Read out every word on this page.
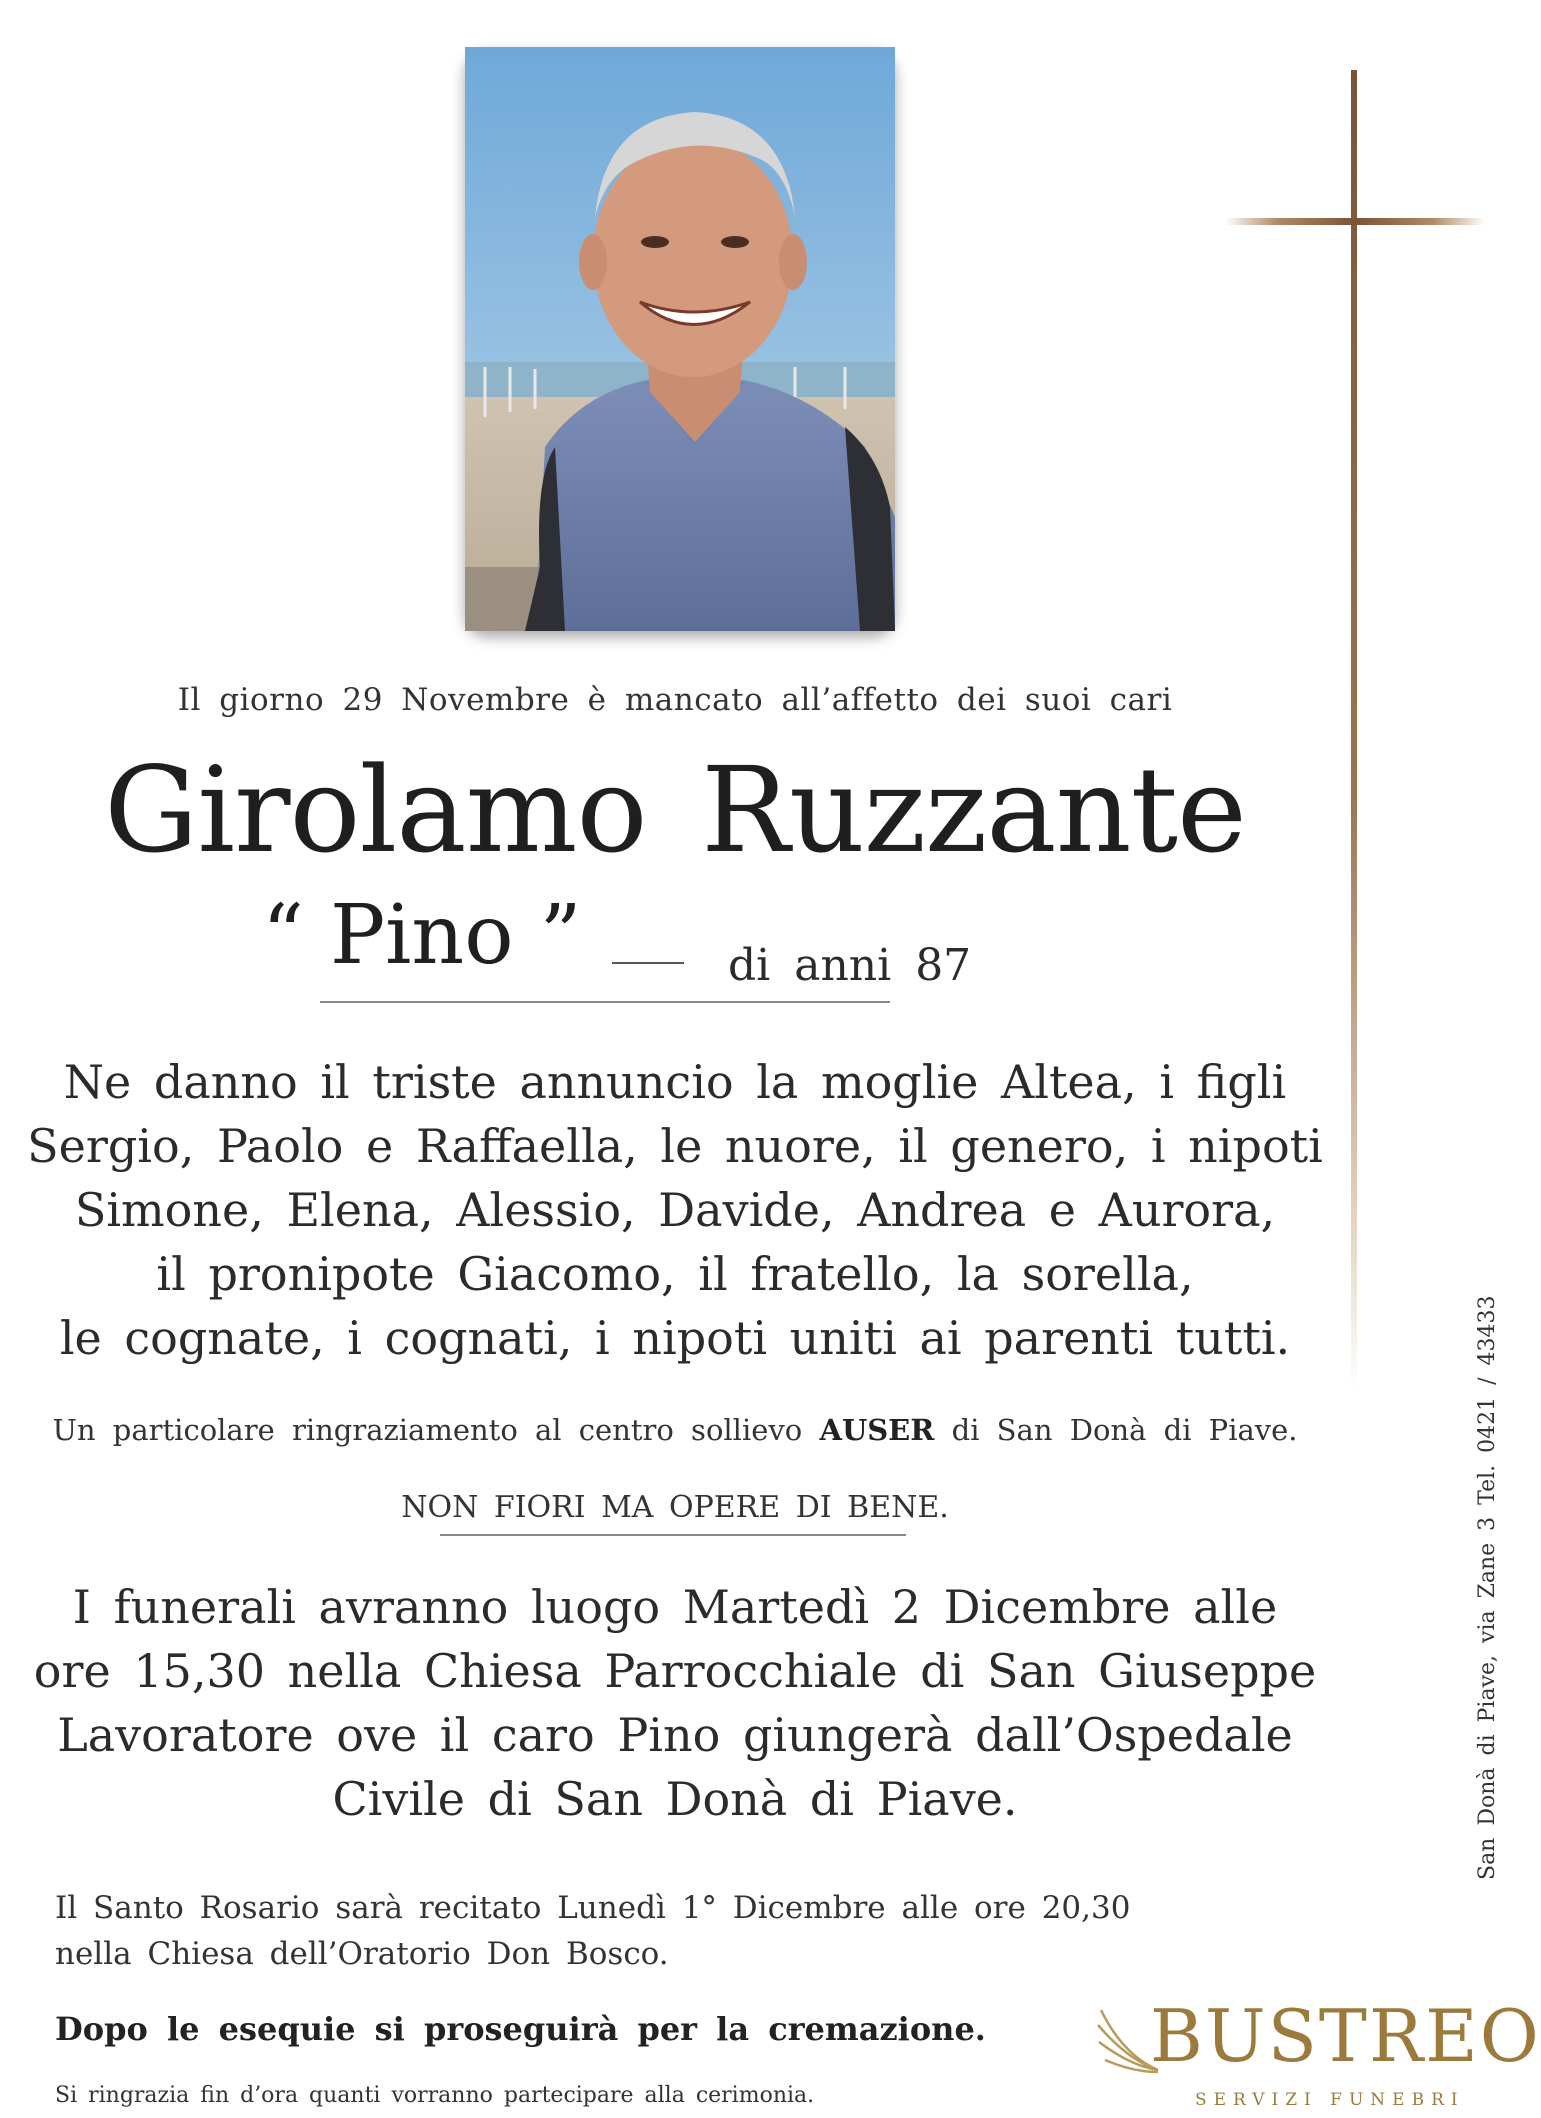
Il giorno 29 Novembre è mancato all’affetto dei suoi cari
Girolamo Ruzzante
“ Pino ”	di anni 87
Ne danno il triste annuncio la moglie Altea, i figli
Sergio, Paolo e Raffaella, le nuore, il genero, i nipoti
Simone, Elena, Alessio, Davide, Andrea e Aurora,
il pronipote Giacomo, il fratello, la sorella,
le cognate, i cognati, i nipoti uniti ai parenti tutti.
Un particolare ringraziamento al centro sollievo AUSER di San Donà di Piave.
NON FIORI MA OPERE DI BENE.
I funerali avranno luogo Martedì 2 Dicembre alle
ore 15,30 nella Chiesa Parrocchiale di San Giuseppe
Lavoratore ove il caro Pino giungerà dall’Ospedale
Civile di San Donà di Piave.
Il Santo Rosario sarà recitato Lunedì 1° Dicembre alle ore 20,30
nella Chiesa dell’Oratorio Don Bosco.
Dopo le esequie si proseguirà per la cremazione.
Si ringrazia fin d’ora quanti vorranno partecipare alla cerimonia.
San Donà di Piave, via Zane 3 Tel. 0421 / 43433
BUSTREO
SERVIZI FUNEBRI
